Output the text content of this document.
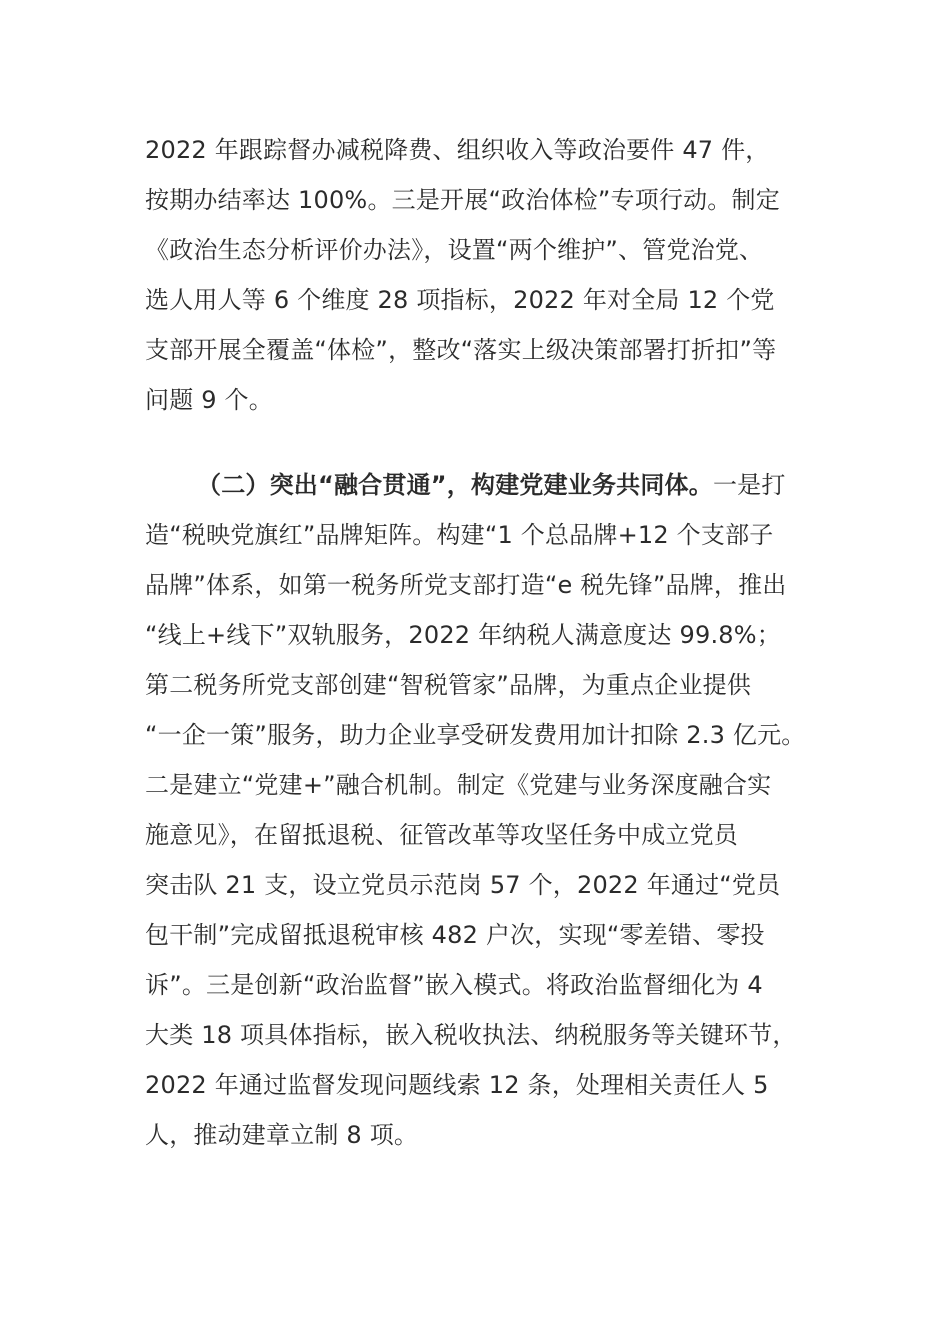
2022 年跟踪督办减税降费、组织收入等政治要件 47 件，
按期办结率达 100%。三是开展“政治体检”专项行动。制定
《政治生态分析评价办法》，设置“两个维护”、管党治党、
选人用人等 6 个维度 28 项指标，2022 年对全局 12 个党
支部开展全覆盖“体检”，整改“落实上级决策部署打折扣”等
问题 9 个。
（二）突出“融合贯通”，构建党建业务共同体。一是打
造“税映党旗红”品牌矩阵。构建“1 个总品牌+12 个支部子
品牌”体系，如第一税务所党支部打造“e 税先锋”品牌，推出
“线上+线下”双轨服务，2022 年纳税人满意度达 99.8%；
第二税务所党支部创建“智税管家”品牌，为重点企业提供
“一企一策”服务，助力企业享受研发费用加计扣除 2.3 亿元。
二是建立“党建+”融合机制。制定《党建与业务深度融合实
施意见》，在留抵退税、征管改革等攻坚任务中成立党员
突击队 21 支，设立党员示范岗 57 个，2022 年通过“党员
包干制”完成留抵退税审核 482 户次，实现“零差错、零投
诉”。三是创新“政治监督”嵌入模式。将政治监督细化为 4
大类 18 项具体指标，嵌入税收执法、纳税服务等关键环节，
2022 年通过监督发现问题线索 12 条，处理相关责任人 5
人，推动建章立制 8 项。
